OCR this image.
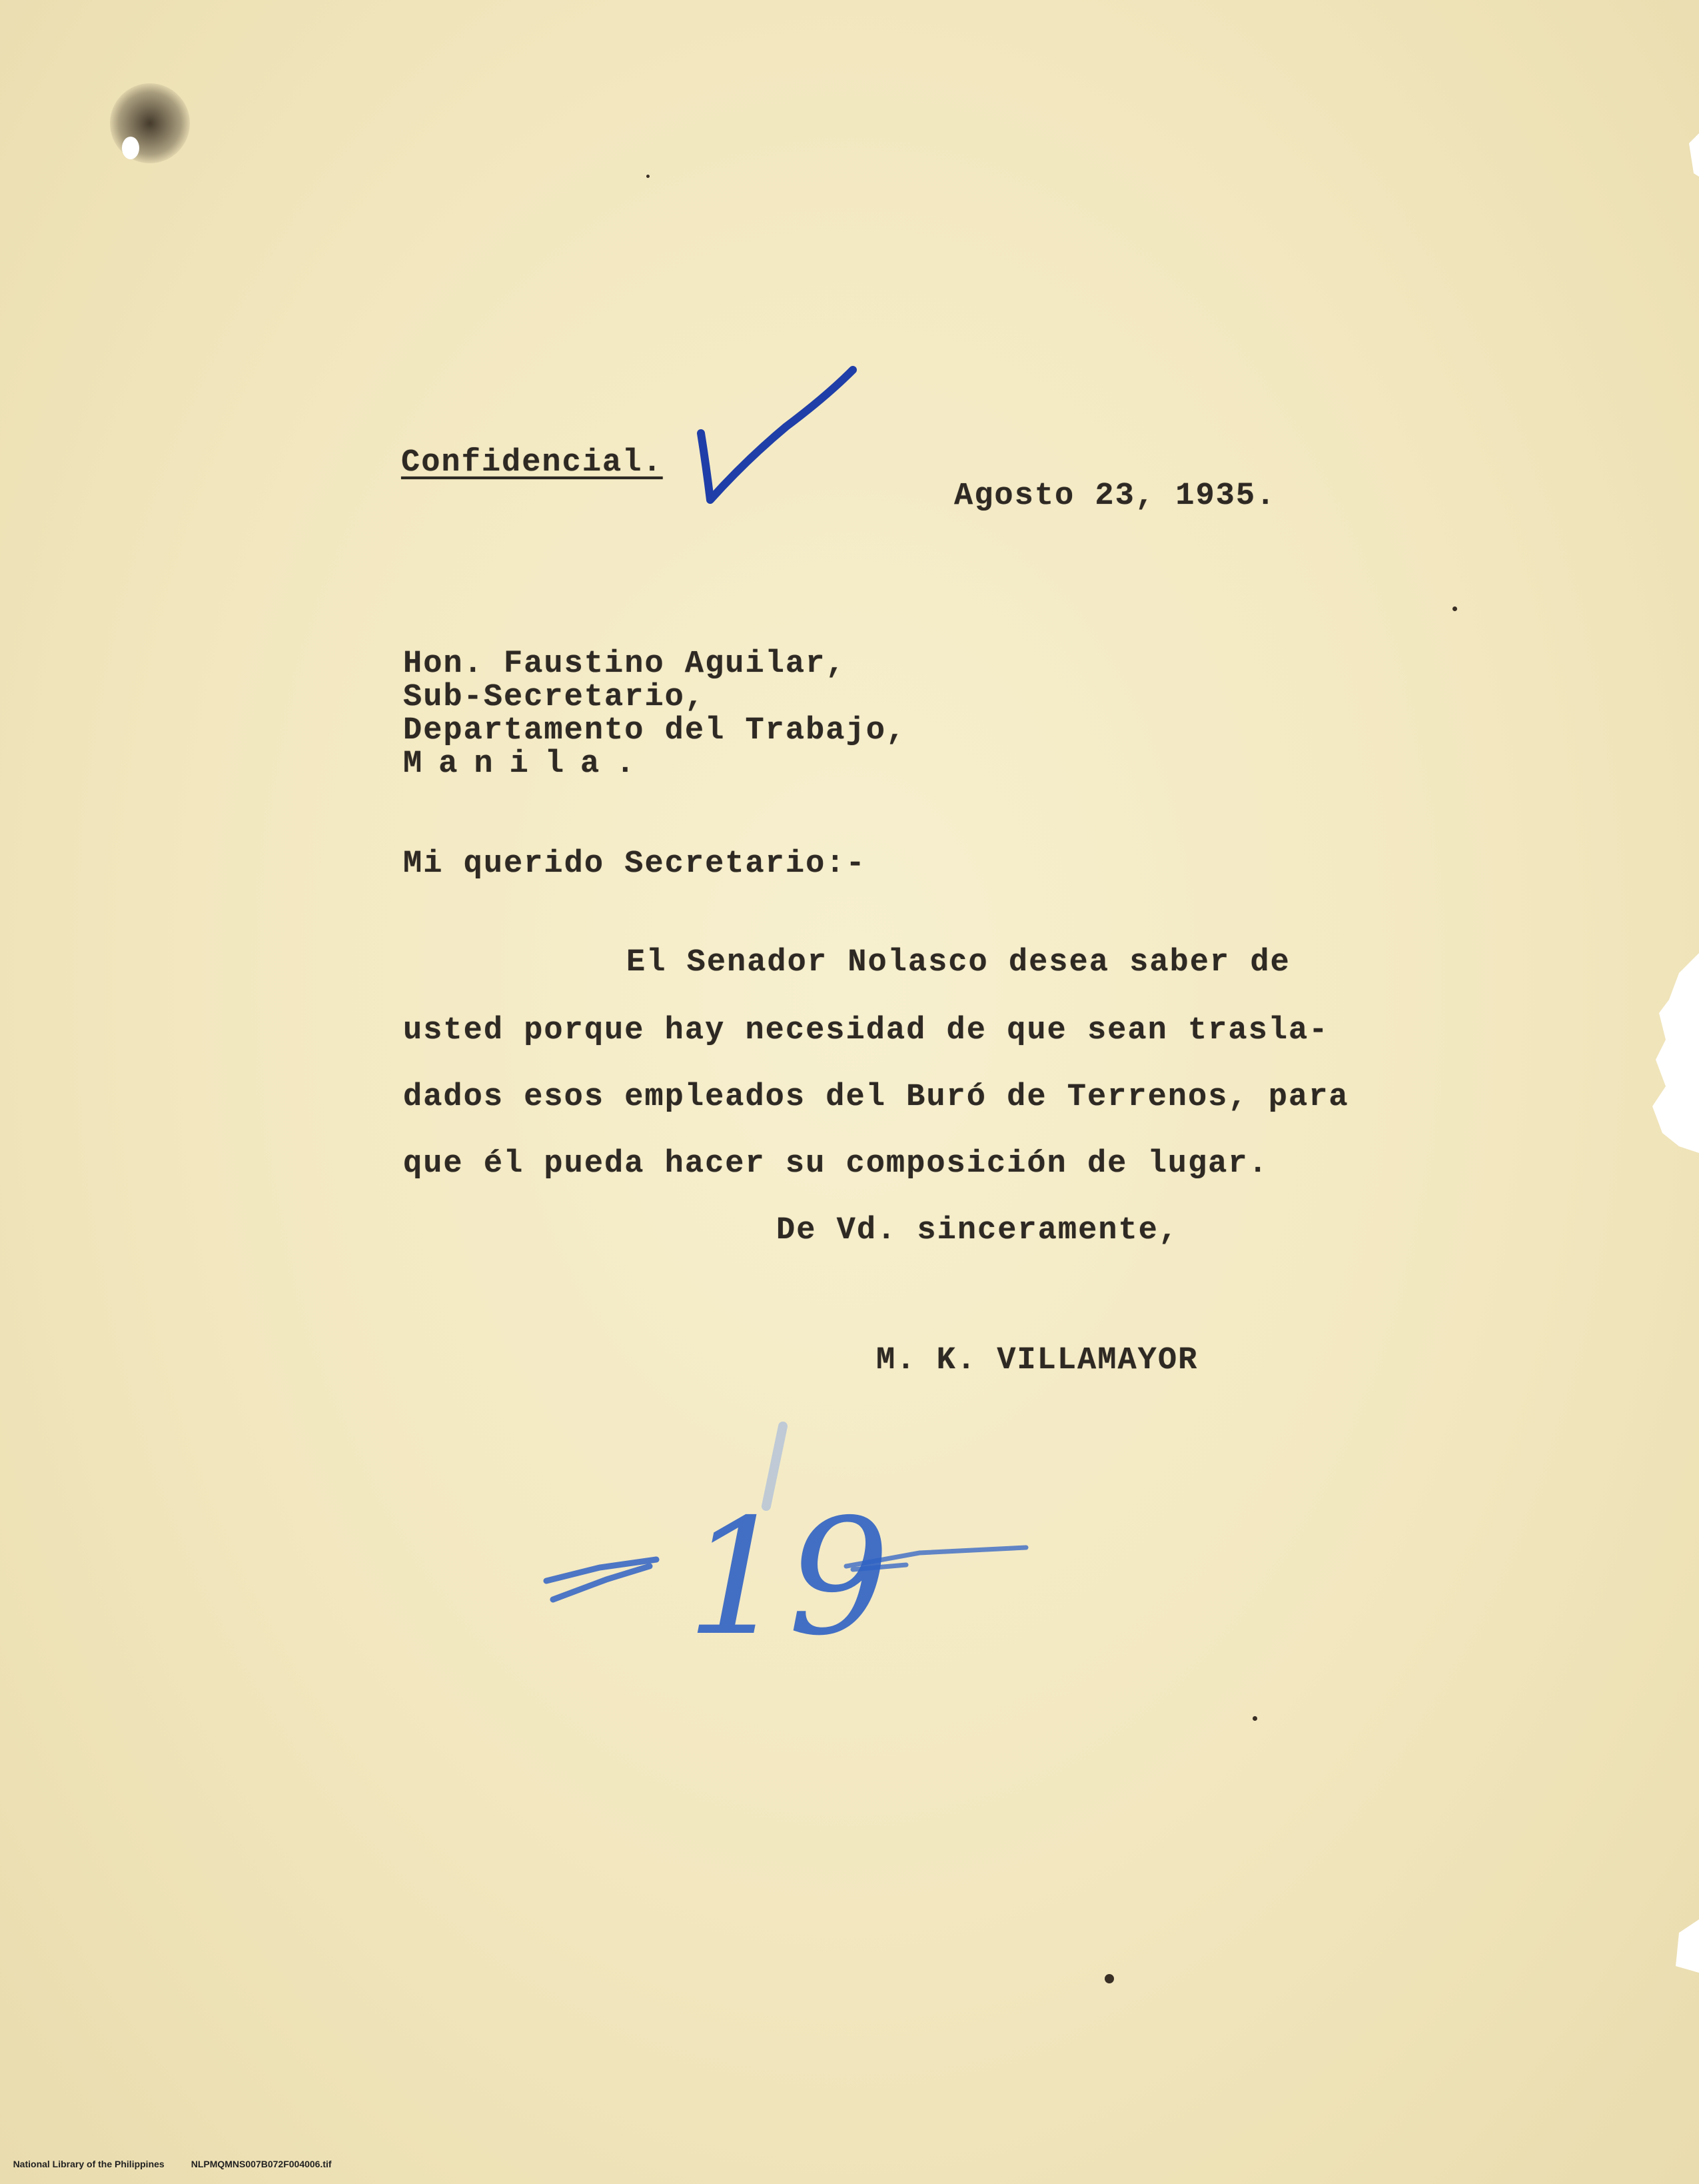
Confidencial.
Agosto 23, 1935.
Hon. Faustino Aguilar,
Sub-Secretario,
Departamento del Trabajo,
Manila.
Mi querido Secretario:-
El Senador Nolasco desea saber de
usted porque hay necesidad de que sean trasla-
dados esos empleados del Buró de Terrenos, para
que él pueda hacer su composición de lugar.
De Vd. sinceramente,
M. K. VILLAMAYOR
19

National Library of the Philippines	NLPMQMNS007B072F004006.tif
